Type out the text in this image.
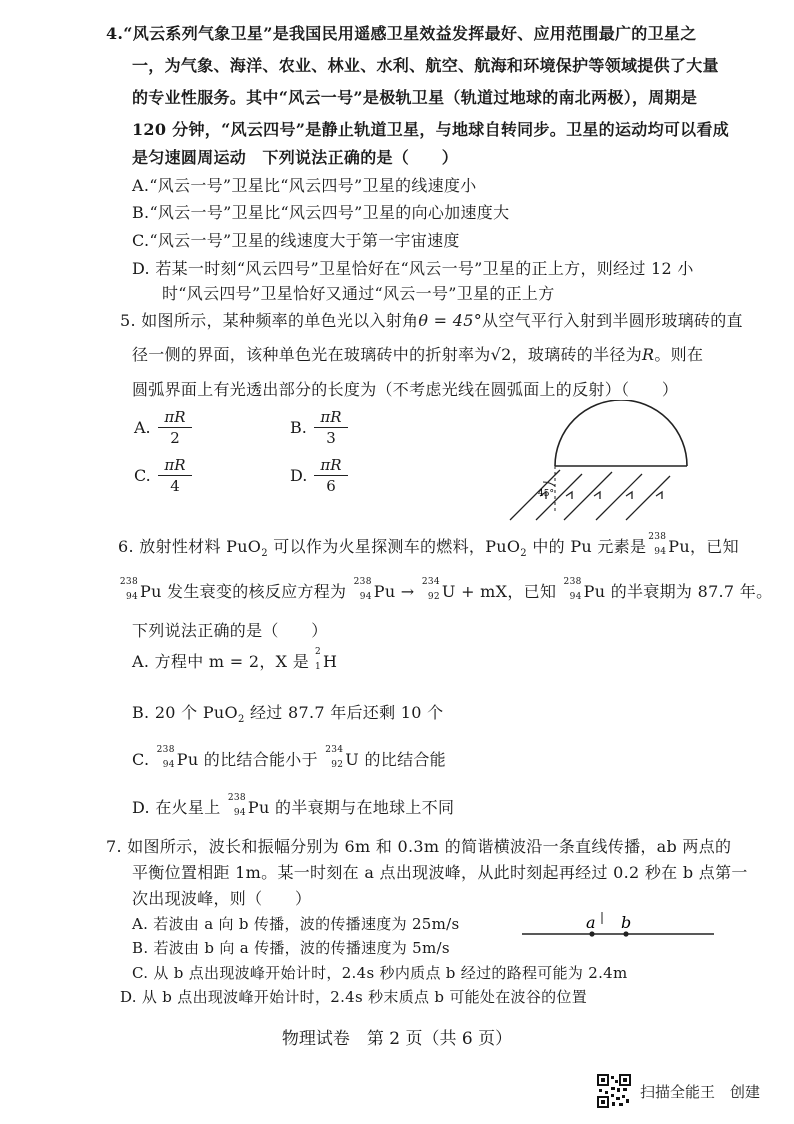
4.“风云系列气象卫星”是我国民用遥感卫星效益发挥最好、应用范围最广的卫星之
一，为气象、海洋、农业、林业、水利、航空、航海和环境保护等领域提供了大量
的专业性服务。其中“风云一号”是极轨卫星（轨道过地球的南北两极），周期是
120 分钟，“风云四号”是静止轨道卫星，与地球自转同步。卫星的运动均可以看成
是匀速圆周运动　下列说法正确的是（　　）
A.“风云一号”卫星比“风云四号”卫星的线速度小
B.“风云一号”卫星比“风云四号”卫星的向心加速度大
C.“风云一号”卫星的线速度大于第一宇宙速度
D. 若某一时刻“风云四号”卫星恰好在“风云一号”卫星的正上方，则经过 12 小
时“风云四号”卫星恰好又通过“风云一号”卫星的正上方
5. 如图所示，某种频率的单色光以入射角θ = 45°从空气平行入射到半圆形玻璃砖的直
径一侧的界面，该种单色光在玻璃砖中的折射率为√2，玻璃砖的半径为R。则在
圆弧界面上有光透出部分的长度为（不考虑光线在圆弧面上的反射）（　　）
A. $\frac{\pi R}{2}$	B. $\frac{\pi R}{3}$
C. $\frac{\pi R}{4}$	D. $\frac{\pi R}{6}$	45°
6. 放射性材料 PuO$_2$ 可以作为火星探测车的燃料，PuO$_2$ 中的 Pu 元素是
238
94 Pu，已知
238
94 Pu 发生衰变的核反应方程为
238
94 Pu →
234
92 U + mX，已知
238
94 Pu 的半衰期为 87.7 年。
下列说法正确的是（　　）
A. 方程中 m = 2，X 是
2
1 H
B. 20 个 PuO$_2$ 经过 87.7 年后还剩 10 个
C.
238
94 Pu 的比结合能小于
234
92 U 的比结合能
D. 在火星上
238
94 Pu 的半衰期与在地球上不同
7. 如图所示，波长和振幅分别为 6m 和 0.3m 的简谐横波沿一条直线传播，ab 两点的
平衡位置相距 1m。某一时刻在 a 点出现波峰，从此时刻起再经过 0.2 秒在 b 点第一
次出现波峰，则（　　）
A. 若波由 a 向 b 传播，波的传播速度为 25m/s
B. 若波由 b 向 a 传播，波的传播速度为 5m/s
C. 从 b 点出现波峰开始计时，2.4s 秒内质点 b 经过的路程可能为 2.4m
D. 从 b 点出现波峰开始计时，2.4s 秒末质点 b 可能处在波谷的位置
a b
物理试卷　第 2 页（共 6 页）
扫描全能王　创建
